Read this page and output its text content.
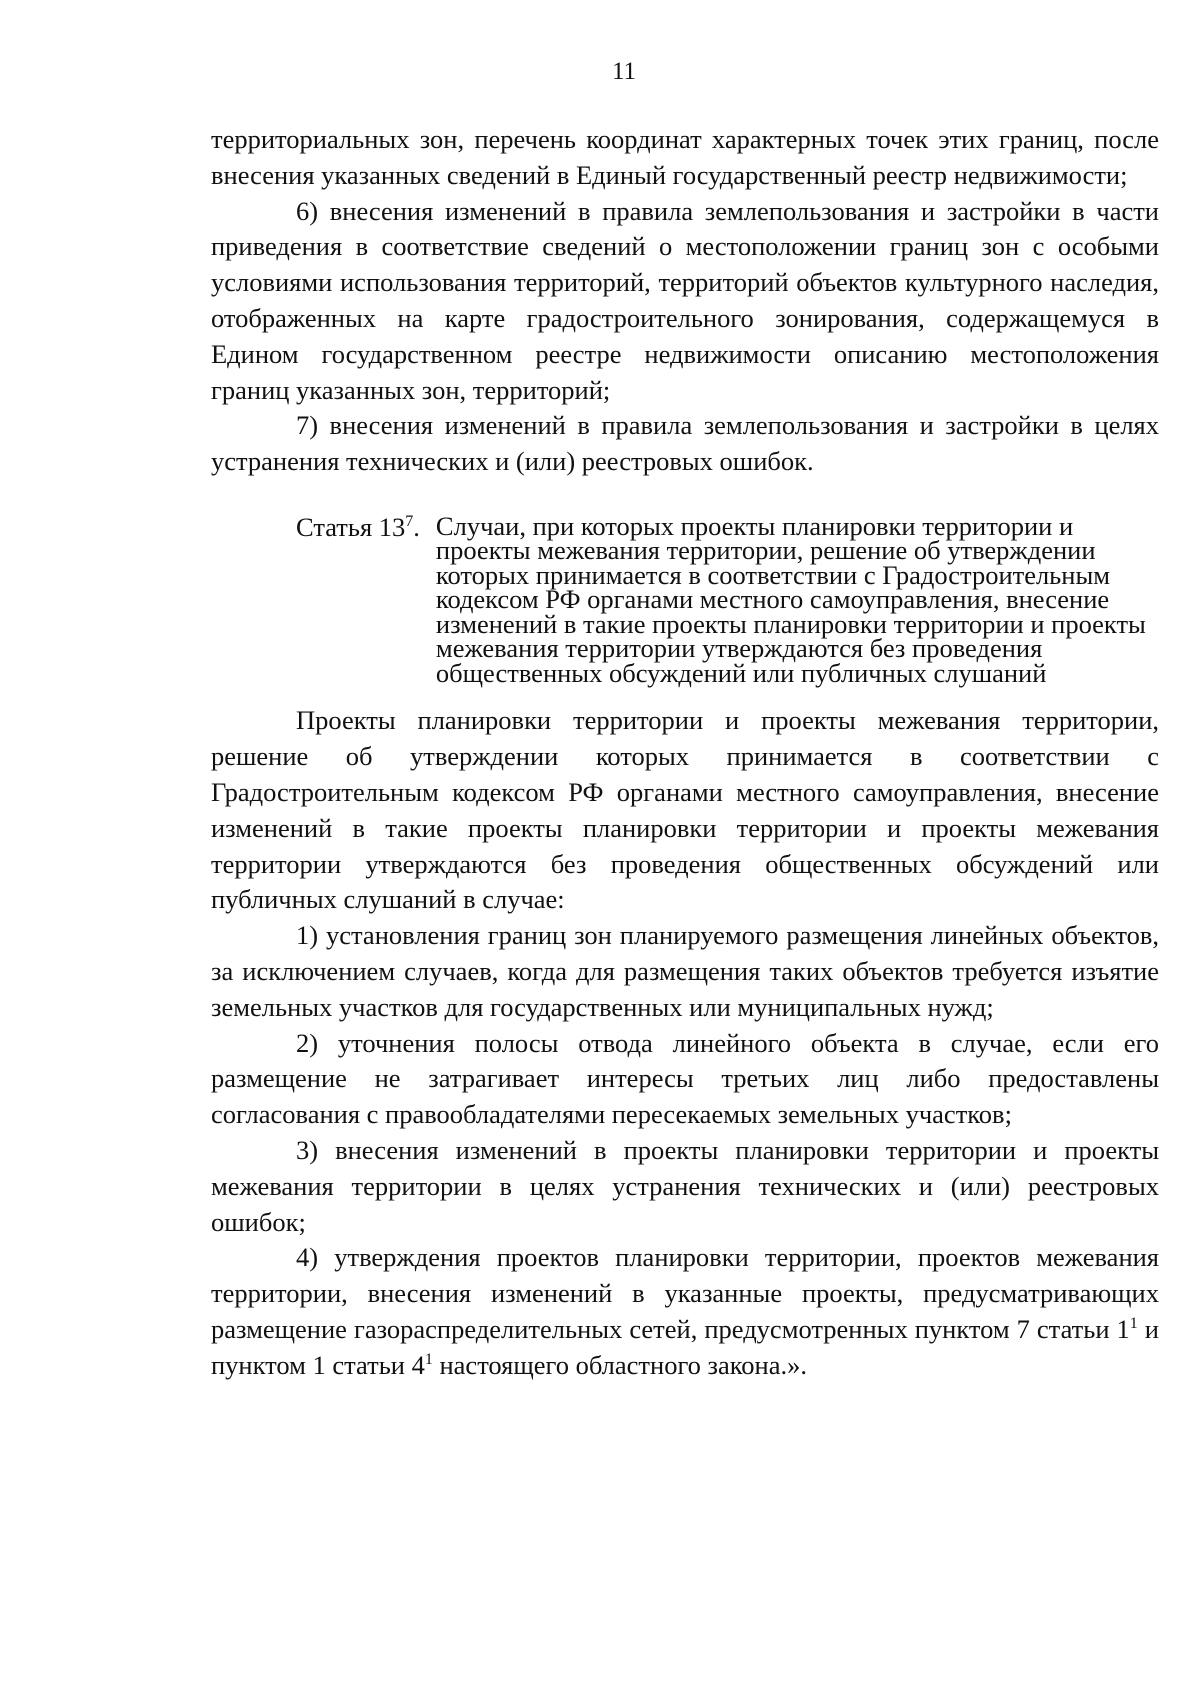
11

территориальных зон, перечень координат характерных точек этих границ, после внесения указанных сведений в Единый государственный реестр недвижимости;

6) внесения изменений в правила землепользования и застройки в части приведения в соответствие сведений о местоположении границ зон с особыми условиями использования территорий, территорий объектов культурного наследия, отображенных на карте градостроительного зонирования, содержащемуся в Едином государственном реестре недвижимости описанию местоположения границ указанных зон, территорий;

7) внесения изменений в правила землепользования и застройки в целях устранения технических и (или) реестровых ошибок.

Статья $13^7$. Случаи, при которых проекты планировки территории и проекты межевания территории, решение об утверждении которых принимается в соответствии с Градостроительным кодексом РФ органами местного самоуправления, внесение изменений в такие проекты планировки территории и проекты межевания территории утверждаются без проведения общественных обсуждений или публичных слушаний

Проекты планировки территории и проекты межевания территории, решение об утверждении которых принимается в соответствии с Градостроительным кодексом РФ органами местного самоуправления, внесение изменений в такие проекты планировки территории и проекты межевания территории утверждаются без проведения общественных обсуждений или публичных слушаний в случае:

1) установления границ зон планируемого размещения линейных объектов, за исключением случаев, когда для размещения таких объектов требуется изъятие земельных участков для государственных или муниципальных нужд;

2) уточнения полосы отвода линейного объекта в случае, если его размещение не затрагивает интересы третьих лиц либо предоставлены согласования с правообладателями пересекаемых земельных участков;

3) внесения изменений в проекты планировки территории и проекты межевания территории в целях устранения технических и (или) реестровых ошибок;

4) утверждения проектов планировки территории, проектов межевания территории, внесения изменений в указанные проекты, предусматривающих размещение газораспределительных сетей, предусмотренных пунктом 7 статьи $1^1$ и пунктом 1 статьи $4^1$ настоящего областного закона.».
